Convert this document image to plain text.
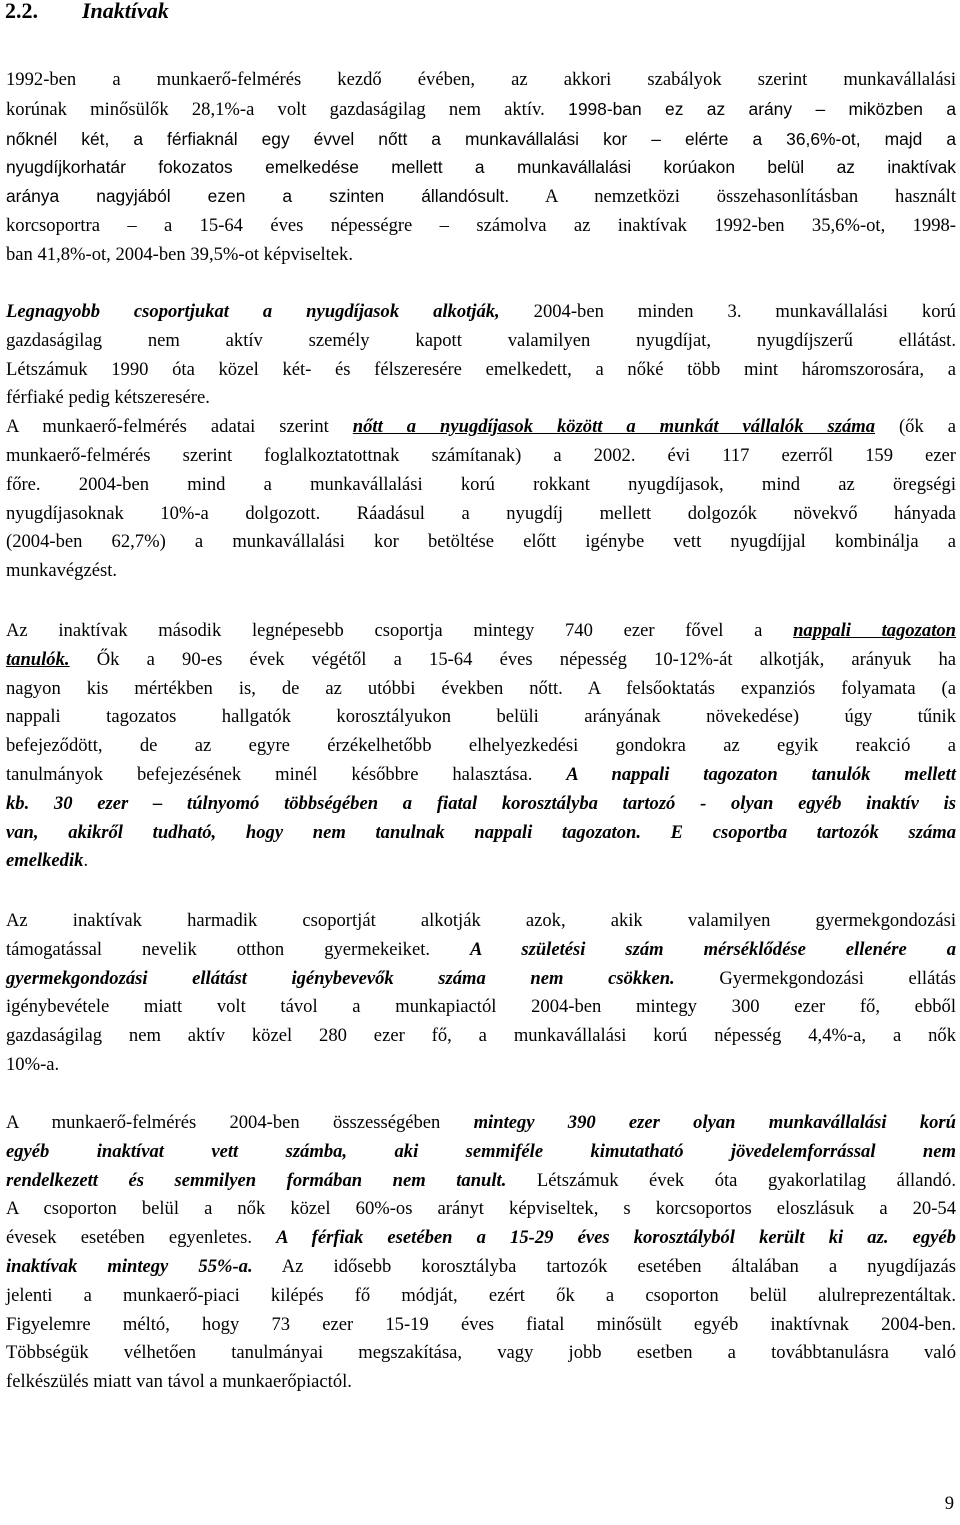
2.2. Inaktívak
1992-ben a munkaerő-felmérés kezdő évében, az akkori szabályok szerint munkavállalási
korúnak minősülők 28,1%-a volt gazdaságilag nem aktív. 1998-ban ez az arány ‒ miközben a
nőknél két, a férfiaknál egy évvel nőtt a munkavállalási kor ‒ elérte a 36,6%-ot, majd a
nyugdíjkorhatár fokozatos emelkedése mellett a munkavállalási korúakon belül az inaktívak
aránya nagyjából ezen a szinten állandósult. A nemzetközi összehasonlításban használt
korcsoportra – a 15-64 éves népességre – számolva az inaktívak 1992-ben 35,6%-ot, 1998-
ban 41,8%-ot, 2004-ben 39,5%-ot képviseltek.
Legnagyobb csoportjukat a nyugdíjasok alkotják, 2004-ben minden 3. munkavállalási korú
gazdaságilag nem aktív személy kapott valamilyen nyugdíjat, nyugdíjszerű ellátást.
Létszámuk 1990 óta közel két- és félszeresére emelkedett, a nőké több mint háromszorosára, a
férfiaké pedig kétszeresére.
A munkaerő-felmérés adatai szerint nőtt a nyugdíjasok között a munkát vállalók száma (ők a
munkaerő-felmérés szerint foglalkoztatottnak számítanak) a 2002. évi 117 ezerről 159 ezer
főre. 2004-ben mind a munkavállalási korú rokkant nyugdíjasok, mind az öregségi
nyugdíjasoknak 10%-a dolgozott. Ráadásul a nyugdíj mellett dolgozók növekvő hányada
(2004-ben 62,7%) a munkavállalási kor betöltése előtt igénybe vett nyugdíjjal kombinálja a
munkavégzést.
Az inaktívak második legnépesebb csoportja mintegy 740 ezer fővel a nappali tagozaton
tanulók. Ők a 90-es évek végétől a 15-64 éves népesség 10-12%-át alkotják, arányuk ha
nagyon kis mértékben is, de az utóbbi években nőtt. A felsőoktatás expanziós folyamata (a
nappali tagozatos hallgatók korosztályukon belüli arányának növekedése) úgy tűnik
befejeződött, de az egyre érzékelhetőbb elhelyezkedési gondokra az egyik reakció a
tanulmányok befejezésének minél későbbre halasztása. A nappali tagozaton tanulók mellett
kb. 30 ezer – túlnyomó többségében a fiatal korosztályba tartozó - olyan egyéb inaktív is
van, akikről tudható, hogy nem tanulnak nappali tagozaton. E csoportba tartozók száma
emelkedik.
Az inaktívak harmadik csoportját alkotják azok, akik valamilyen gyermekgondozási
támogatással nevelik otthon gyermekeiket. A születési szám mérséklődése ellenére a
gyermekgondozási ellátást igénybevevők száma nem csökken. Gyermekgondozási ellátás
igénybevétele miatt volt távol a munkapiactól 2004-ben mintegy 300 ezer fő, ebből
gazdaságilag nem aktív közel 280 ezer fő, a munkavállalási korú népesség 4,4%-a, a nők
10%-a.
A munkaerő-felmérés 2004-ben összességében mintegy 390 ezer olyan munkavállalási korú
egyéb inaktívat vett számba, aki semmiféle kimutatható jövedelemforrással nem
rendelkezett és semmilyen formában nem tanult. Létszámuk évek óta gyakorlatilag állandó.
A csoporton belül a nők közel 60%-os arányt képviseltek, s korcsoportos eloszlásuk a 20-54
évesek esetében egyenletes. A férfiak esetében a 15-29 éves korosztályból került ki az. egyéb
inaktívak mintegy 55%-a. Az idősebb korosztályba tartozók esetében általában a nyugdíjazás
jelenti a munkaerő-piaci kilépés fő módját, ezért ők a csoporton belül alulreprezentáltak.
Figyelemre méltó, hogy 73 ezer 15-19 éves fiatal minősült egyéb inaktívnak 2004-ben.
Többségük vélhetően tanulmányai megszakítása, vagy jobb esetben a továbbtanulásra való
felkészülés miatt van távol a munkaerőpiactól.
9
